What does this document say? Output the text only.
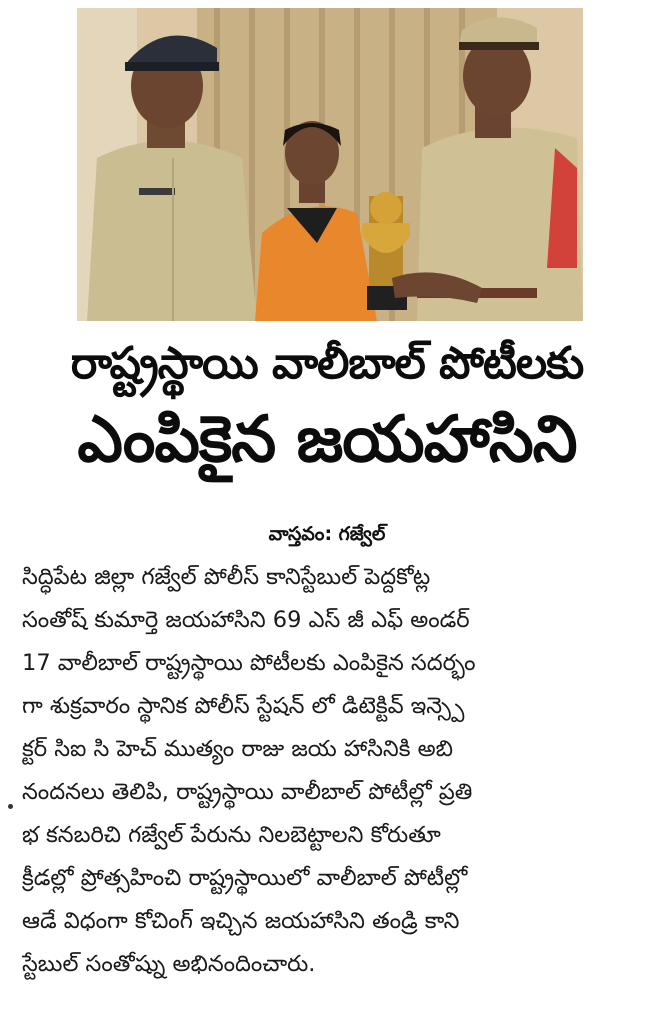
రాష్ట్రస్థాయి వాలీబాల్ పోటీలకు
ఎంపికైన జయహాసిని
వాస్తవం: గజ్వేల్
సిద్ధిపేట జిల్లా గజ్వేల్ పోలీస్ కానిస్టేబుల్ పెద్దకోట్ల
సంతోష్ కుమార్తె జయహాసిని 69 ఎస్ జీ ఎఫ్ అండర్
17 వాలీబాల్ రాష్ట్రస్థాయి పోటీలకు ఎంపికైన సదర్భం
గా శుక్రవారం స్థానిక పోలీస్ స్టేషన్ లో డిటెక్టివ్ ఇన్స్పె
క్టర్ సిఐ సి హెచ్ ముత్యం రాజు జయ హాసినికి అబి
నందనలు తెలిపి, రాష్ట్రస్థాయి వాలీబాల్ పోటీల్లో ప్రతి
భ కనబరిచి గజ్వేల్ పేరును నిలబెట్టాలని కోరుతూ
క్రీడల్లో ప్రోత్సహించి రాష్ట్రస్థాయిలో వాలీబాల్ పోటీల్లో
ఆడే విధంగా కోచింగ్ ఇచ్చిన జయహాసిని తండ్రి కాని
స్టేబుల్ సంతోష్ను అభినందించారు.
